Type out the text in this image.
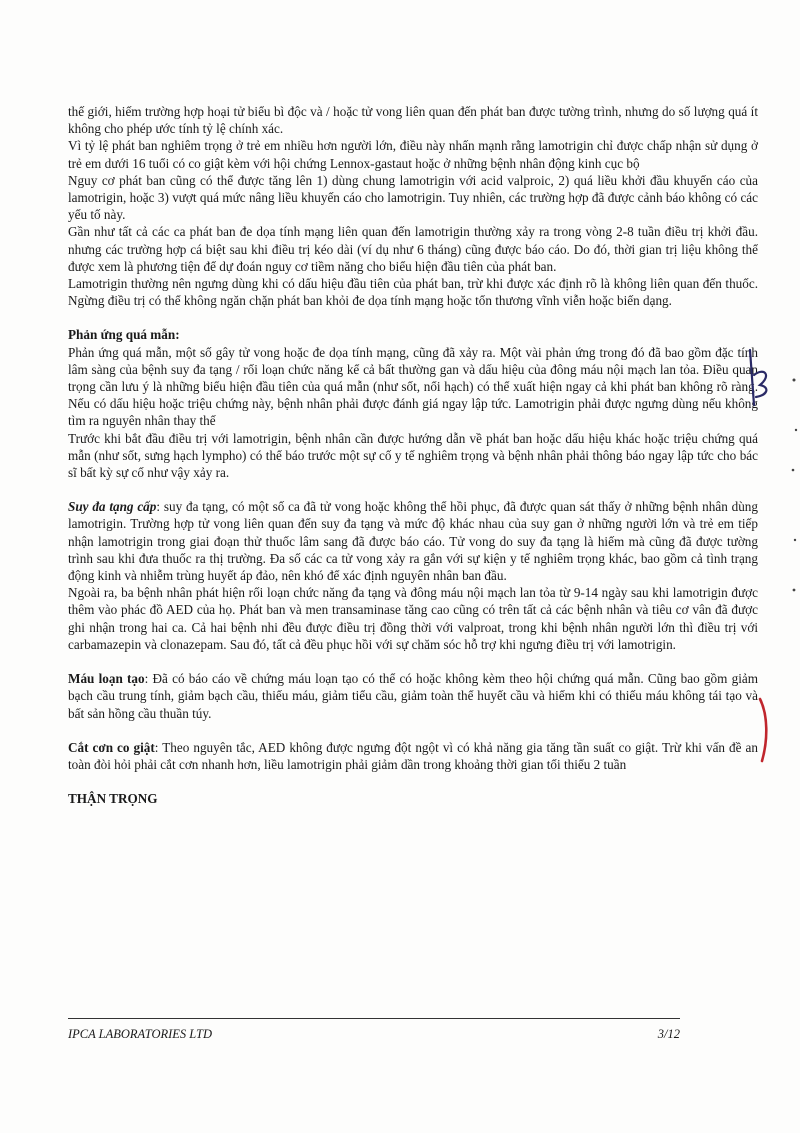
thế giới, hiếm trường hợp hoại tử biểu bì độc và / hoặc tử vong liên quan đến phát ban được tường trình, nhưng do số lượng quá ít không cho phép ước tính tỷ lệ chính xác.

Vì tỷ lệ phát ban nghiêm trọng ở trẻ em nhiều hơn người lớn, điều này nhấn mạnh rằng lamotrigin chỉ được chấp nhận sử dụng ở trẻ em dưới 16 tuổi có co giật kèm với hội chứng Lennox-gastaut hoặc ở những bệnh nhân động kinh cục bộ

Nguy cơ phát ban cũng có thể được tăng lên 1) dùng chung lamotrigin với acid valproic, 2) quá liều khởi đầu khuyến cáo của lamotrigin, hoặc 3) vượt quá mức nâng liều khuyến cáo cho lamotrigin. Tuy nhiên, các trường hợp đã được cảnh báo không có các yếu tố này.

Gần như tất cả các ca phát ban đe dọa tính mạng liên quan đến lamotrigin thường xảy ra trong vòng 2-8 tuần điều trị khởi đầu. nhưng các trường hợp cá biệt sau khi điều trị kéo dài (ví dụ như 6 tháng) cũng được báo cáo. Do đó, thời gian trị liệu không thể được xem là phương tiện để dự đoán nguy cơ tiềm năng cho biểu hiện đầu tiên của phát ban.

Lamotrigin thường nên ngưng dùng khi có dấu hiệu đầu tiên của phát ban, trừ khi được xác định rõ là không liên quan đến thuốc. Ngừng điều trị có thể không ngăn chặn phát ban khỏi đe dọa tính mạng hoặc tổn thương vĩnh viễn hoặc biến dạng.

Phản ứng quá mẫn:

Phản ứng quá mẫn, một số gây tử vong hoặc đe dọa tính mạng, cũng đã xảy ra. Một vài phản ứng trong đó đã bao gồm đặc tính lâm sàng của bệnh suy đa tạng / rối loạn chức năng kể cả bất thường gan và dấu hiệu của đông máu nội mạch lan tỏa. Điều quan trọng cần lưu ý là những biểu hiện đầu tiên của quá mẫn (như sốt, nổi hạch) có thể xuất hiện ngay cả khi phát ban không rõ ràng. Nếu có dấu hiệu hoặc triệu chứng này, bệnh nhân phải được đánh giá ngay lập tức. Lamotrigin phải được ngưng dùng nếu không tìm ra nguyên nhân thay thế

Trước khi bắt đầu điều trị với lamotrigin, bệnh nhân cần được hướng dẫn về phát ban hoặc dấu hiệu khác hoặc triệu chứng quá mẫn (như sốt, sưng hạch lympho) có thể báo trước một sự cố y tế nghiêm trọng và bệnh nhân phải thông báo ngay lập tức cho bác sĩ bất kỳ sự cố như vậy xảy ra.

Suy đa tạng cấp: suy đa tạng, có một số ca đã tử vong hoặc không thể hồi phục, đã được quan sát thấy ở những bệnh nhân dùng lamotrigin. Trường hợp tử vong liên quan đến suy đa tạng và mức độ khác nhau của suy gan ở những người lớn và trẻ em tiếp nhận lamotrigin trong giai đoạn thử thuốc lâm sang đã được báo cáo. Tử vong do suy đa tạng là hiếm mà cũng đã được tường trình sau khi đưa thuốc ra thị trường. Đa số các ca tử vong xảy ra gắn với sự kiện y tế nghiêm trọng khác, bao gồm cả tình trạng động kinh và nhiễm trùng huyết áp đảo, nên khó để xác định nguyên nhân ban đầu.

Ngoài ra, ba bệnh nhân phát hiện rối loạn chức năng đa tạng và đông máu nội mạch lan tỏa từ 9-14 ngày sau khi lamotrigin được thêm vào phác đồ AED của họ. Phát ban và men transaminase tăng cao cũng có trên tất cả các bệnh nhân và tiêu cơ vân đã được ghi nhận trong hai ca. Cả hai bệnh nhi đều được điều trị đồng thời với valproat, trong khi bệnh nhân người lớn thì điều trị với carbamazepin và clonazepam. Sau đó, tất cả đều phục hồi với sự chăm sóc hỗ trợ khi ngưng điều trị với lamotrigin.

Máu loạn tạo: Đã có báo cáo về chứng máu loạn tạo có thể có hoặc không kèm theo hội chứng quá mẫn. Cũng bao gồm giảm bạch cầu trung tính, giảm bạch cầu, thiếu máu, giảm tiểu cầu, giảm toàn thể huyết cầu và hiếm khi có thiếu máu không tái tạo và bất sản hồng cầu thuần túy.

Cắt cơn co giật: Theo nguyên tắc, AED không được ngưng đột ngột vì có khả năng gia tăng tần suất co giật. Trừ khi vấn đề an toàn đòi hỏi phải cắt cơn nhanh hơn, liều lamotrigin phải giảm dần trong khoảng thời gian tối thiểu 2 tuần

THẬN TRỌNG

IPCA LABORATORIES LTD	3/12
